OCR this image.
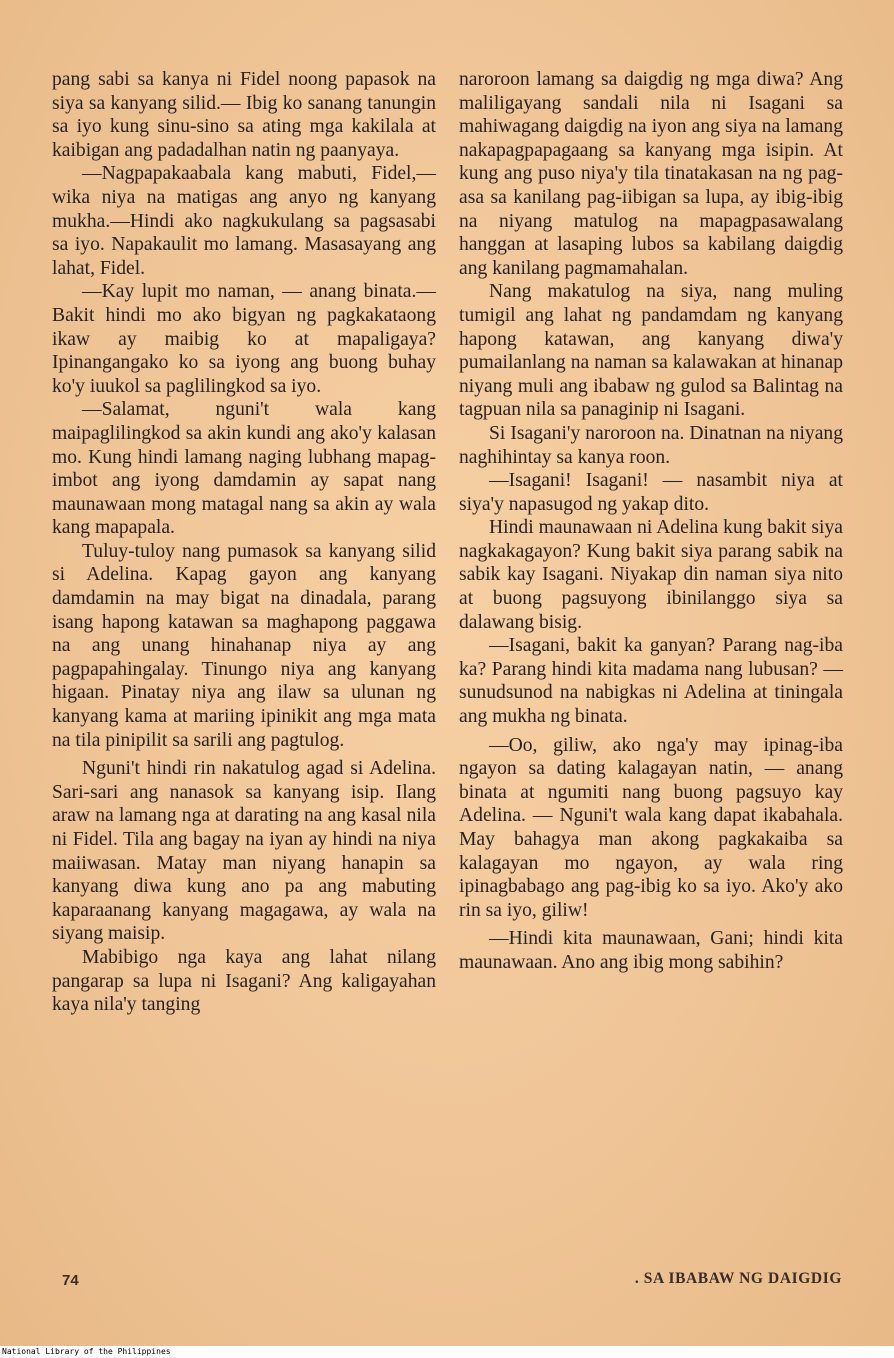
pang sabi sa kanya ni Fidel noong papasok na siya sa kanyang silid.— Ibig ko sanang tanungin sa iyo kung sinu-sino sa ating mga kakilala at kaibigan ang padadalhan natin ng paanyaya.

—Nagpapakaabala kang mabuti, Fidel,—wika niya na matigas ang anyo ng kanyang mukha.—Hindi ako nagkukulang sa pagsasabi sa iyo. Napakaulit mo lamang. Masasayang ang lahat, Fidel.

—Kay lupit mo naman, — anang binata.—Bakit hindi mo ako bigyan ng pagkakataong ikaw ay maibig ko at mapaligaya? Ipinangangako ko sa iyong ang buong buhay ko'y iuukol sa paglilingkod sa iyo.

—Salamat, nguni't wala kang maipaglilingkod sa akin kundi ang ako'y kalasan mo. Kung hindi lamang naging lubhang mapag-imbot ang iyong damdamin ay sapat nang maunawaan mong matagal nang sa akin ay wala kang mapapala.

Tuluy-tuloy nang pumasok sa kanyang silid si Adelina. Kapag gayon ang kanyang damdamin na may bigat na dinadala, parang isang hapong katawan sa maghapong paggawa na ang unang hinahanap niya ay ang pagpapahingalay. Tinungo niya ang kanyang higaan. Pinatay niya ang ilaw sa ulunan ng kanyang kama at mariing ipinikit ang mga mata na tila pinipilit sa sarili ang pagtulog.

Nguni't hindi rin nakatulog agad si Adelina. Sari-sari ang nanasok sa kanyang isip. Ilang araw na lamang nga at darating na ang kasal nila ni Fidel. Tila ang bagay na iyan ay hindi na niya maiiwasan. Matay man niyang hanapin sa kanyang diwa kung ano pa ang mabuting kaparaanang kanyang magagawa, ay wala na siyang maisip.

Mabibigo nga kaya ang lahat nilang pangarap sa lupa ni Isagani? Ang kaligayahan kaya nila'y tanging

naroroon lamang sa daigdig ng mga diwa? Ang maliligayang sandali nila ni Isagani sa mahiwagang daigdig na iyon ang siya na lamang nakapagpapagaang sa kanyang mga isipin. At kung ang puso niya'y tila tinatakasan na ng pag-asa sa kanilang pag-iibigan sa lupa, ay ibig-ibig na niyang matulog na mapagpasawalang hanggan at lasaping lubos sa kabilang daigdig ang kanilang pagmamahalan.

Nang makatulog na siya, nang muling tumigil ang lahat ng pandamdam ng kanyang hapong katawan, ang kanyang diwa'y pumailanlang na naman sa kalawakan at hinanap niyang muli ang ibabaw ng gulod sa Balintag na tagpuan nila sa panaginip ni Isagani.

Si Isagani'y naroroon na. Dinatnan na niyang naghihintay sa kanya roon.

—Isagani! Isagani! — nasambit niya at siya'y napasugod ng yakap dito.

Hindi maunawaan ni Adelina kung bakit siya nagkakagayon? Kung bakit siya parang sabik na sabik kay Isagani. Niyakap din naman siya nito at buong pagsuyong ibinilanggo siya sa dalawang bisig.

—Isagani, bakit ka ganyan? Parang nag-iba ka? Parang hindi kita madama nang lubusan? — sunudsunod na nabigkas ni Adelina at tiningala ang mukha ng binata.

—Oo, giliw, ako nga'y may ipinag-iba ngayon sa dating kalagayan natin, — anang binata at ngumiti nang buong pagsuyo kay Adelina. — Nguni't wala kang dapat ikabahala. May bahagya man akong pagkakaiba sa kalagayan mo ngayon, ay wala ring ipinagbabago ang pag-ibig ko sa iyo. Ako'y ako rin sa iyo, giliw!

—Hindi kita maunawaan, Gani; hindi kita maunawaan. Ano ang ibig mong sabihin?

74	. SA IBABAW NG DAIGDIG
National Library of the Philippines
